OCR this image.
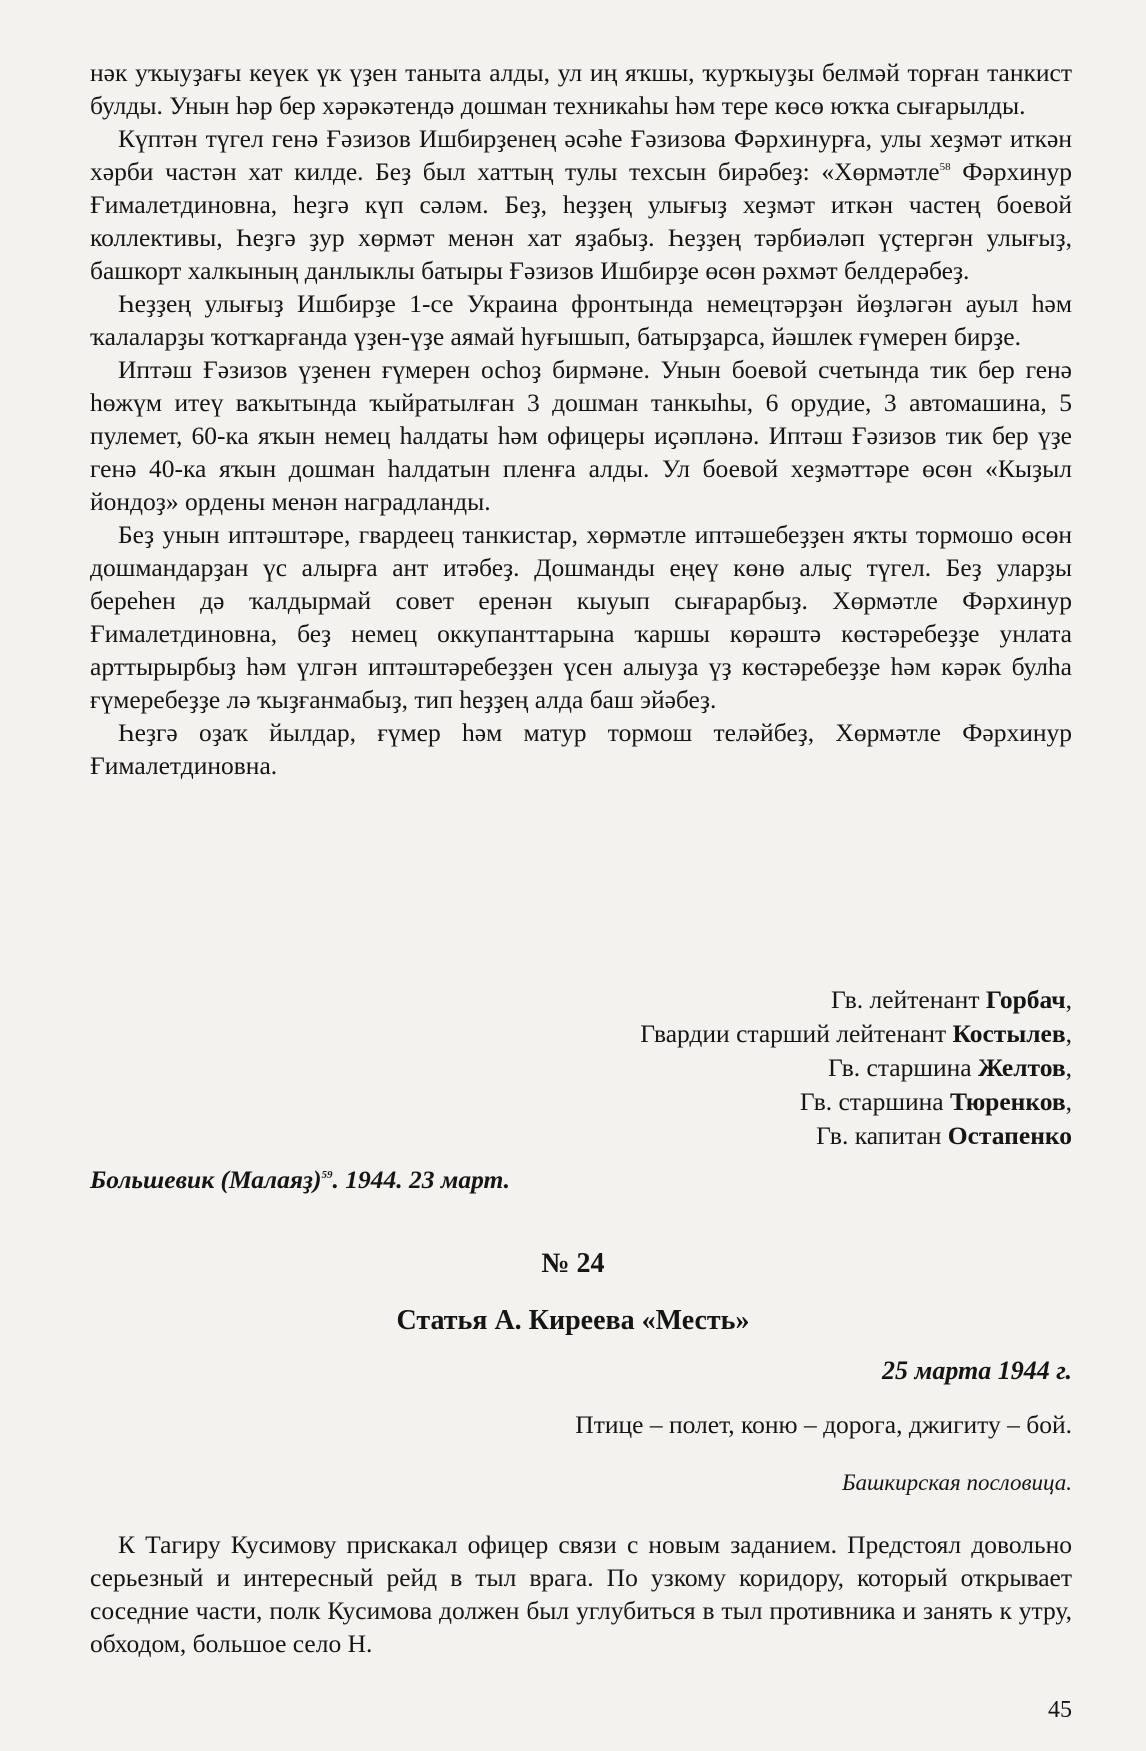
нәк уҡыуҙағы кеүек үк үҙен таныта алды, ул иң яҡшы, ҡурҡыуҙы белмәй торған танкист булды. Унын һәр бер хәрәкәтендә дошман техникаһы һәм тере көсө юҡҡа сығарылды.

Күптән түгел генә Ғәзизов Ишбирҙенең әсәһе Ғәзизова Фәрхинурға, улы хеҙмәт иткән хәрби частән хат килде. Беҙ был хаттың тулы теxсын бирәбеҙ: «Хөрмәтле$^{58}$ Фәрхинур Ғималетдиновна, һеҙгә күп сәләм. Беҙ, һеҙҙең улығыҙ хеҙмәт иткән частең боевой коллективы, Һеҙгә ҙур хөрмәт менән хат яҙабыҙ. Һеҙҙең тәрбиәләп үҫтергән улығыҙ, башкорт халкының данлыклы батыры Ғәзизов Ишбирҙе өсөн рәхмәт белдерәбеҙ.

Һеҙҙең улығыҙ Ишбирҙе 1-се Украина фронтында немецтәрҙән йөҙләгән ауыл һәм ҡалаларҙы ҡотҡарғанда үҙен-үҙе аямай һуғышып, батырҙарса, йәшлек ғүмерен бирҙе.

Иптәш Ғәзизов үҙенен ғүмерен осһоҙ бирмәне. Унын боевой счетында тик бер генә һөжүм итеү ваҡытында ҡыйратылған 3 дошман танкыһы, 6 орудие, 3 автомашина, 5 пулемет, 60-ка яҡын немец һалдаты һәм офицеры иҫәпләнә. Иптәш Ғәзизов тик бер үҙе генә 40-ка яҡын дошман һалдатын пленға алды. Ул боевой хеҙмәттәре өсөн «Кыҙыл йондоҙ» ордены менән наградланды.

Беҙ унын иптәштәре, гвардеец танкистар, хөрмәтле иптәшебеҙҙен яҡты тормошо өсөн дошмандарҙан үс алырға ант итәбеҙ. Дошманды еңеү көнө алыҫ түгел. Беҙ уларҙы береһен дә ҡалдырмай совет еренән кыуып сығарарбыҙ. Хөрмәтле Фәрхинур Ғималетдиновна, беҙ немец оккупанттарына ҡаршы көрәштә көстәребеҙҙе унлата арттырырбыҙ һәм үлгән иптәштәребеҙҙен үсен алыуҙа үҙ көстәребеҙҙе һәм кәрәк булһа ғүмеребеҙҙе лә ҡыҙғанмабыҙ, тип һеҙҙең алда баш эйәбеҙ.

Һеҙгә оҙаҡ йылдар, ғүмер һәм матур тормош теләйбеҙ, Хөрмәтле Фәрхинур Ғималетдиновна.

Гв. лейтенант Горбач,
Гвардии старший лейтенант Костылев,
Гв. старшина Желтов,
Гв. старшина Тюренков,
Гв. капитан Остапенко
Большевик (Малаяҙ)$^{59}$. 1944. 23 март.
№ 24
Статья А. Киреева «Месть»
25 марта 1944 г.
Птице – полет, коню – дорога, джигиту – бой.
Башкирская пословица.

К Тагиру Кусимову прискакал офицер связи с новым заданием. Предстоял довольно серьезный и интересный рейд в тыл врага. По узкому коридору, который открывает соседние части, полк Кусимова должен был углубиться в тыл противника и занять к утру, обходом, большое село Н.

45
